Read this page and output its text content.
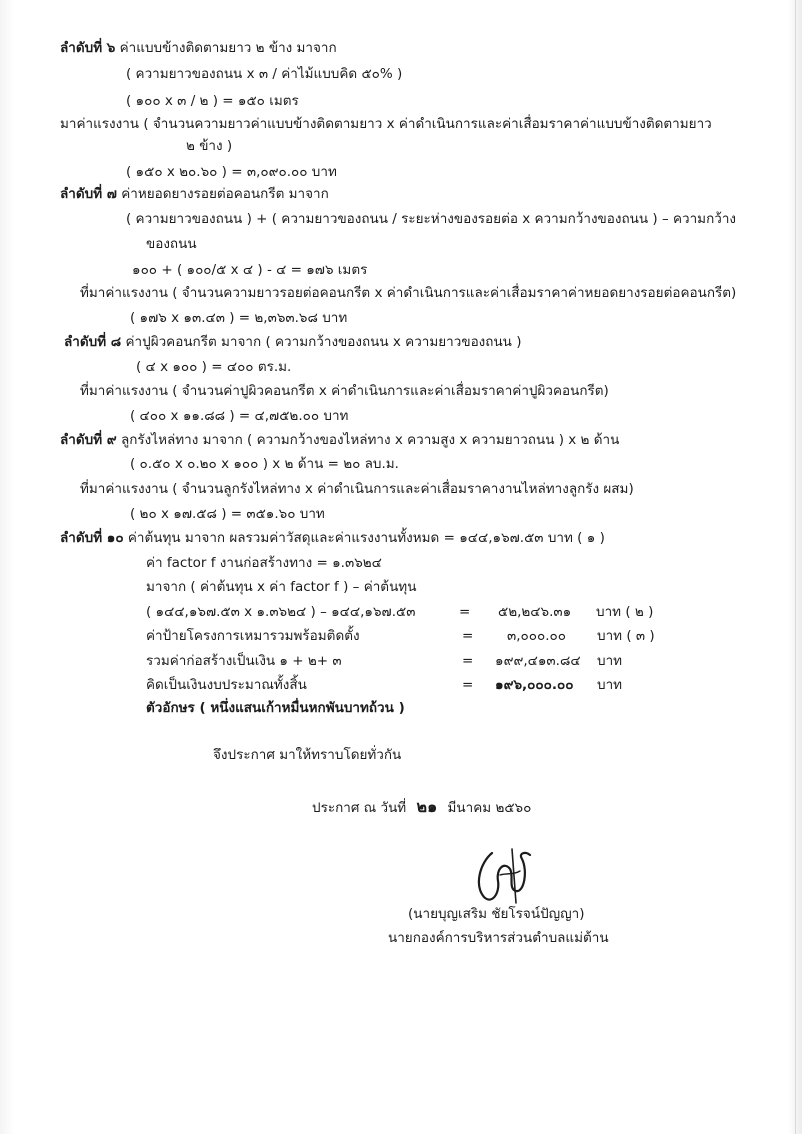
ลำดับที่ ๖ ค่าแบบข้างติดตามยาว ๒ ข้าง มาจาก
( ความยาวของถนน x ๓ / ค่าไม้แบบคิด ๕๐% )
( ๑๐๐ x ๓ / ๒ ) = ๑๕๐ เมตร
มาค่าแรงงาน ( จำนวนความยาวค่าแบบข้างติดตามยาว x ค่าดำเนินการและค่าเสื่อมราคาค่าแบบข้างติดตามยาว
๒ ข้าง )
( ๑๕๐ x ๒๐.๖๐ ) = ๓,๐๙๐.๐๐ บาท
ลำดับที่ ๗ ค่าหยอดยางรอยต่อคอนกรีต มาจาก
( ความยาวของถนน ) + ( ความยาวของถนน / ระยะห่างของรอยต่อ x ความกว้างของถนน ) – ความกว้าง
ของถนน
๑๐๐ + ( ๑๐๐/๕ x ๔ ) - ๔ = ๑๗๖ เมตร
ที่มาค่าแรงงาน ( จำนวนความยาวรอยต่อคอนกรีต x ค่าดำเนินการและค่าเสื่อมราคาค่าหยอดยางรอยต่อคอนกรีต)
( ๑๗๖ x ๑๓.๔๓ ) = ๒,๓๖๓.๖๘ บาท
ลำดับที่ ๘ ค่าปูผิวคอนกรีต มาจาก ( ความกว้างของถนน x ความยาวของถนน )
( ๔ x ๑๐๐ ) = ๔๐๐ ตร.ม.
ที่มาค่าแรงงาน ( จำนวนค่าปูผิวคอนกรีต x ค่าดำเนินการและค่าเสื่อมราคาค่าปูผิวคอนกรีต)
( ๔๐๐ x ๑๑.๘๘ ) = ๔,๗๕๒.๐๐ บาท
ลำดับที่ ๙ ลูกรังไหล่ทาง มาจาก ( ความกว้างของไหล่ทาง x ความสูง x ความยาวถนน ) x ๒ ด้าน
( ๐.๕๐ x ๐.๒๐ x ๑๐๐ ) x ๒ ด้าน = ๒๐ ลบ.ม.
ที่มาค่าแรงงาน ( จำนวนลูกรังไหล่ทาง x ค่าดำเนินการและค่าเสื่อมราคางานไหล่ทางลูกรัง ผสม)
( ๒๐ x ๑๗.๕๘ ) = ๓๕๑.๖๐ บาท
ลำดับที่ ๑๐ ค่าต้นทุน มาจาก ผลรวมค่าวัสดุและค่าแรงงานทั้งหมด = ๑๔๔,๑๖๗.๕๓ บาท ( ๑ )
ค่า factor f งานก่อสร้างทาง = ๑.๓๖๒๔
มาจาก ( ค่าต้นทุน x ค่า factor f ) – ค่าต้นทุน
( ๑๔๔,๑๖๗.๕๓ x ๑.๓๖๒๔ ) – ๑๔๔,๑๖๗.๕๓	= ๕๒,๒๔๖.๓๑ บาท ( ๒ )
ค่าป้ายโครงการเหมารวมพร้อมติดตั้ง	= ๓,๐๐๐.๐๐ บาท ( ๓ )
รวมค่าก่อสร้างเป็นเงิน ๑ + ๒+ ๓	= ๑๙๙,๔๑๓.๘๔ บาท
คิดเป็นเงินงบประมาณทั้งสิ้น	= ๑๙๖,๐๐๐.๐๐ บาท
ตัวอักษร ( หนึ่งแสนเก้าหมื่นหกพันบาทถ้วน )
จึงประกาศ มาให้ทราบโดยทั่วกัน
ประกาศ ณ วันที่ ๒๑ มีนาคม ๒๕๖๐
(นายบุญเสริม ชัยโรจน์ปัญญา)
นายกองค์การบริหารส่วนตำบลแม่ต้าน
